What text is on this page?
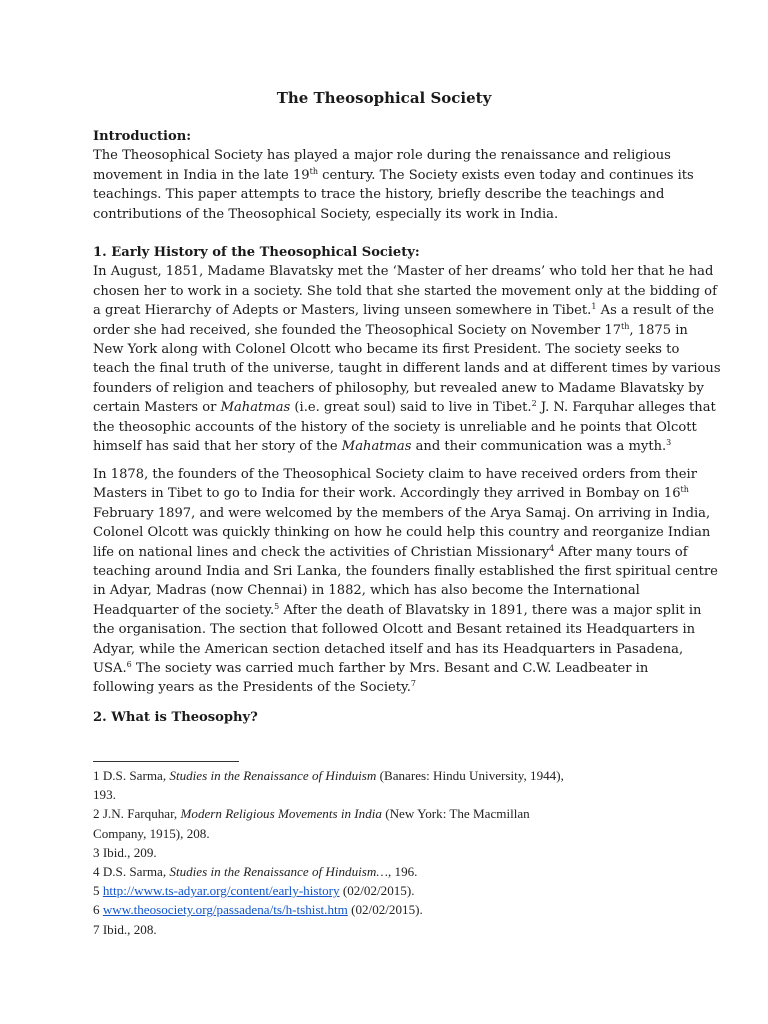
The Theosophical Society
Introduction:
The Theosophical Society has played a major role during the renaissance and religious
movement in India in the late 19th century. The Society exists even today and continues its
teachings. This paper attempts to trace the history, briefly describe the teachings and
contributions of the Theosophical Society, especially its work in India.
1. Early History of the Theosophical Society:
In August, 1851, Madame Blavatsky met the ‘Master of her dreams’ who told her that he had
chosen her to work in a society. She told that she started the movement only at the bidding of
a great Hierarchy of Adepts or Masters, living unseen somewhere in Tibet.$^1$ As a result of the
order she had received, she founded the Theosophical Society on November 17th, 1875 in
New York along with Colonel Olcott who became its first President. The society seeks to
teach the final truth of the universe, taught in different lands and at different times by various
founders of religion and teachers of philosophy, but revealed anew to Madame Blavatsky by
certain Masters or Mahatmas (i.e. great soul) said to live in Tibet.$^2$ J. N. Farquhar alleges that
the theosophic accounts of the history of the society is unreliable and he points that Olcott
himself has said that her story of the Mahatmas and their communication was a myth.$^3$
In 1878, the founders of the Theosophical Society claim to have received orders from their
Masters in Tibet to go to India for their work. Accordingly they arrived in Bombay on 16th
February 1897, and were welcomed by the members of the Arya Samaj. On arriving in India,
Colonel Olcott was quickly thinking on how he could help this country and reorganize Indian
life on national lines and check the activities of Christian Missionary$^4$ After many tours of
teaching around India and Sri Lanka, the founders finally established the first spiritual centre
in Adyar, Madras (now Chennai) in 1882, which has also become the International
Headquarter of the society.$^5$ After the death of Blavatsky in 1891, there was a major split in
the organisation. The section that followed Olcott and Besant retained its Headquarters in
Adyar, while the American section detached itself and has its Headquarters in Pasadena,
USA.$^6$ The society was carried much farther by Mrs. Besant and C.W. Leadbeater in
following years as the Presidents of the Society.$^7$
2. What is Theosophy?
1 D.S. Sarma, Studies in the Renaissance of Hinduism (Banares: Hindu University, 1944),
193.
2 J.N. Farquhar, Modern Religious Movements in India (New York: The Macmillan
Company, 1915), 208.
3 Ibid., 209.
4 D.S. Sarma, Studies in the Renaissance of Hinduism…, 196.
5 http://www.ts-adyar.org/content/early-history (02/02/2015).
6 www.theosociety.org/passadena/ts/h-tshist.htm (02/02/2015).
7 Ibid., 208.
